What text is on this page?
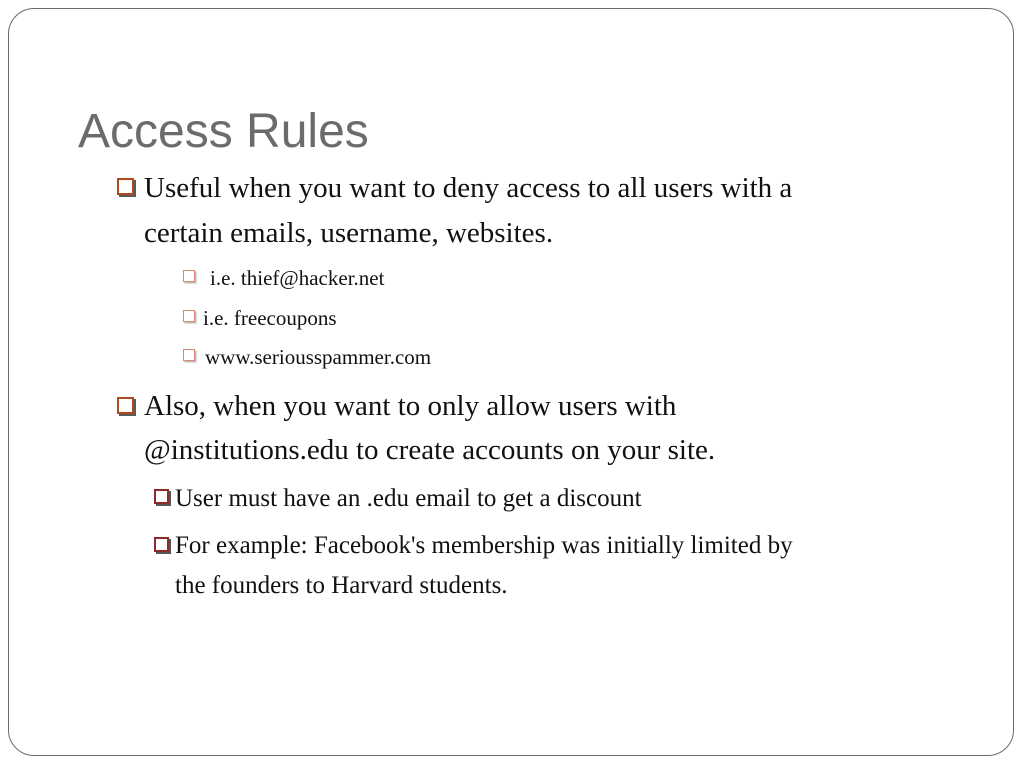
Access Rules
Useful when you want to deny access to all users with a
certain emails, username, websites.
i.e. thief@hacker.net
i.e. freecoupons
www.seriousspammer.com
Also, when you want to only allow users with
@institutions.edu to create accounts on your site.
User must have an .edu email to get a discount
For example: Facebook's membership was initially limited by
the founders to Harvard students.
